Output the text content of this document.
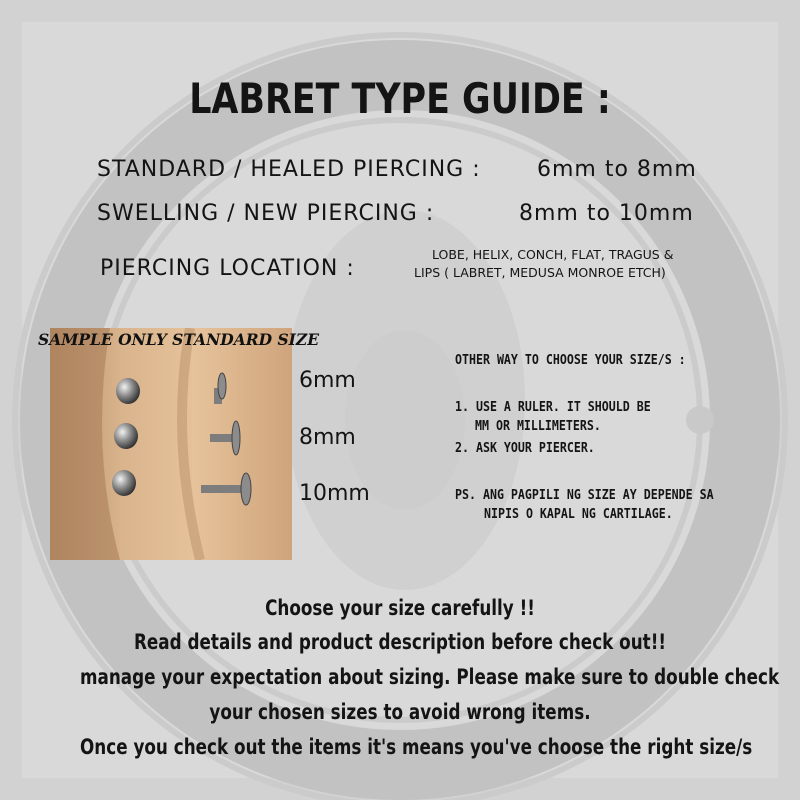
LABRET TYPE GUIDE :
STANDARD / HEALED PIERCING :	6mm to 8mm
SWELLING / NEW PIERCING :	8mm to 10mm
PIERCING LOCATION :
LOBE, HELIX, CONCH, FLAT, TRAGUS &
LIPS ( LABRET, MEDUSA MONROE ETCH)
SAMPLE ONLY STANDARD SIZE
6mm
8mm
10mm
OTHER WAY TO CHOOSE YOUR SIZE/S :
1. USE A RULER. IT SHOULD BE
MM OR MILLIMETERS.
2. ASK YOUR PIERCER.
PS. ANG PAGPILI NG SIZE AY DEPENDE SA
NIPIS O KAPAL NG CARTILAGE.
Choose your size carefully !!
Read details and product description before check out!!
manage your expectation about sizing. Please make sure to double check
your chosen sizes to avoid wrong items.
Once you check out the items it's means you've choose the right size/s
